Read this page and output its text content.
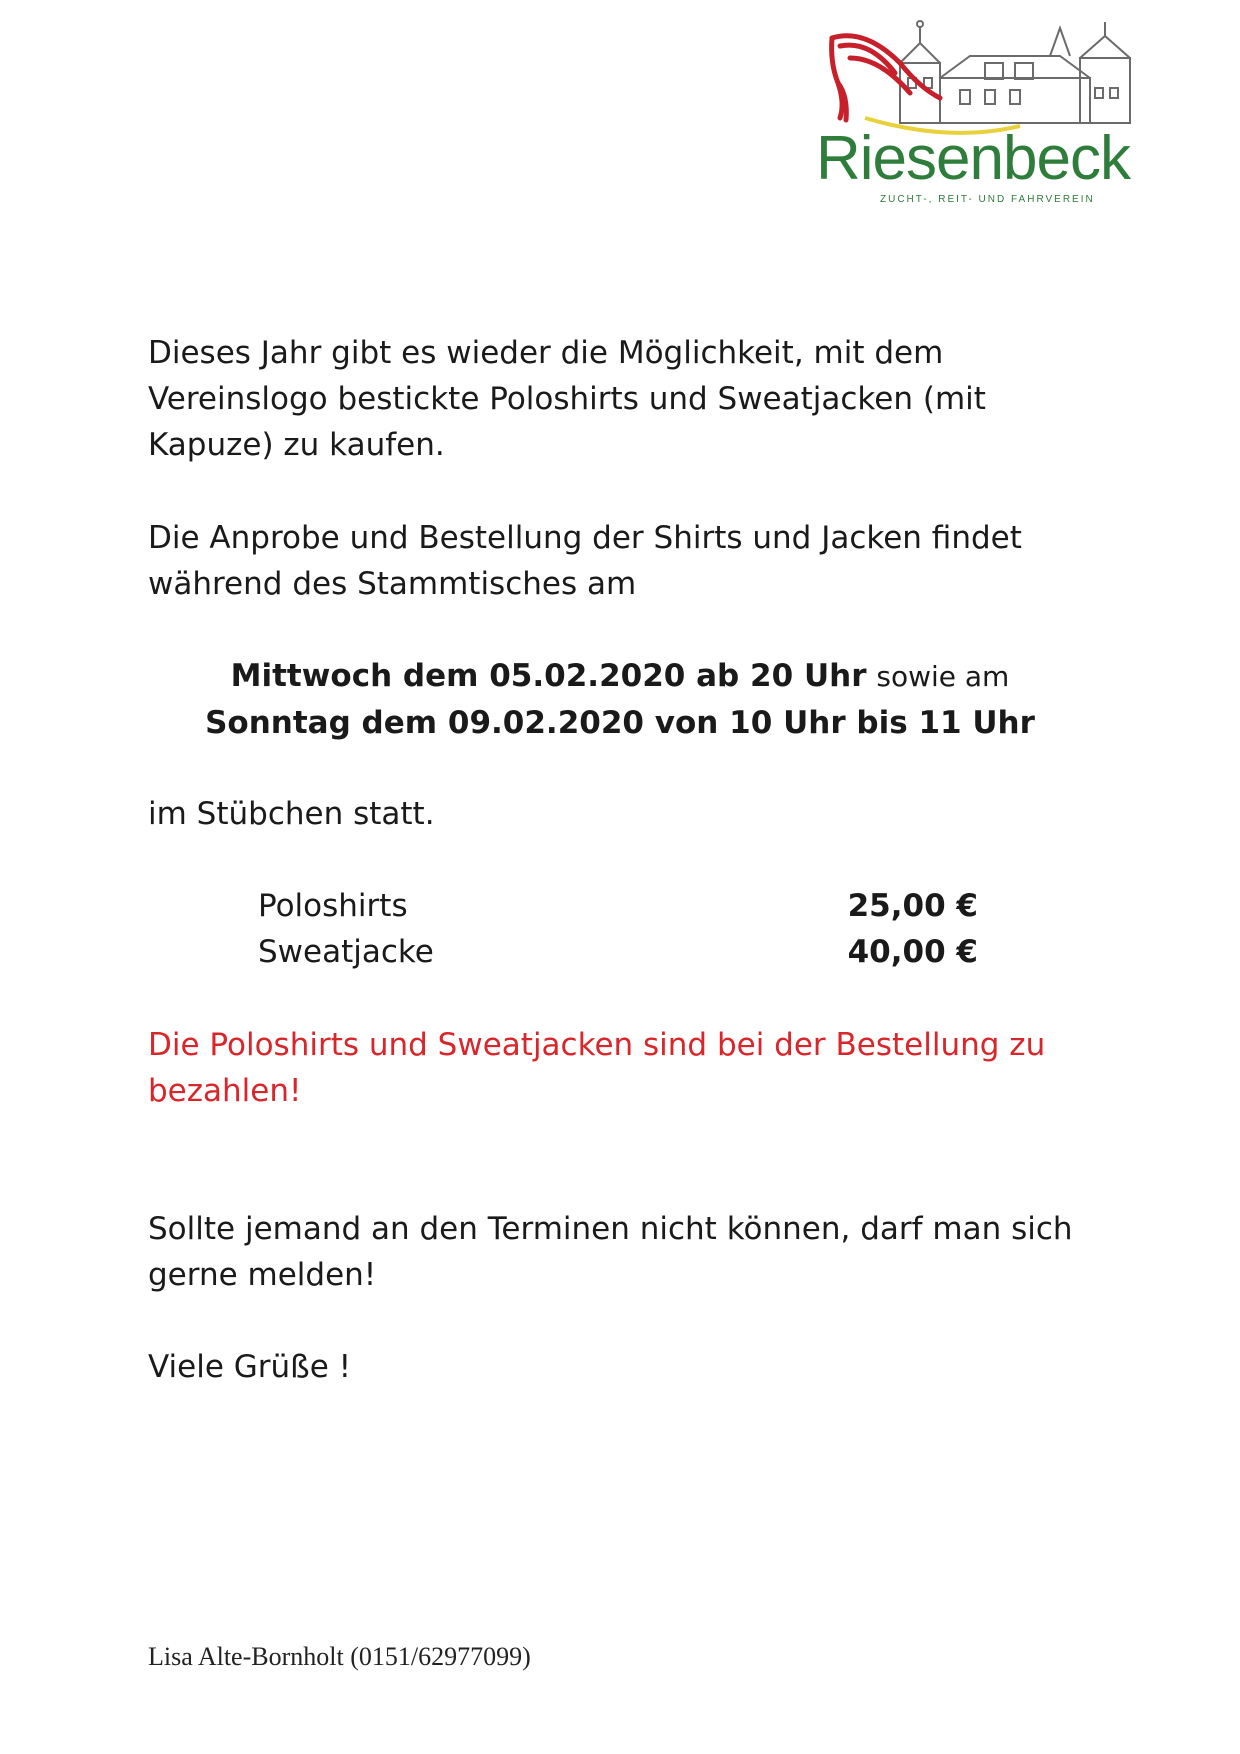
Riesenbeck
ZUCHT-, REIT- UND FAHRVEREIN

Dieses Jahr gibt es wieder die Möglichkeit, mit dem Vereinslogo bestickte Poloshirts und Sweatjacken (mit Kapuze) zu kaufen.

Die Anprobe und Bestellung der Shirts und Jacken findet während des Stammtisches am

Mittwoch dem 05.02.2020 ab 20 Uhr sowie am
Sonntag dem 09.02.2020 von 10 Uhr bis 11 Uhr

im Stübchen statt.

Poloshirts	25,00 €
Sweatjacke	40,00 €

Die Poloshirts und Sweatjacken sind bei der Bestellung zu bezahlen!

Sollte jemand an den Terminen nicht können, darf man sich gerne melden!

Viele Grüße !

Lisa Alte-Bornholt (0151/62977099)
